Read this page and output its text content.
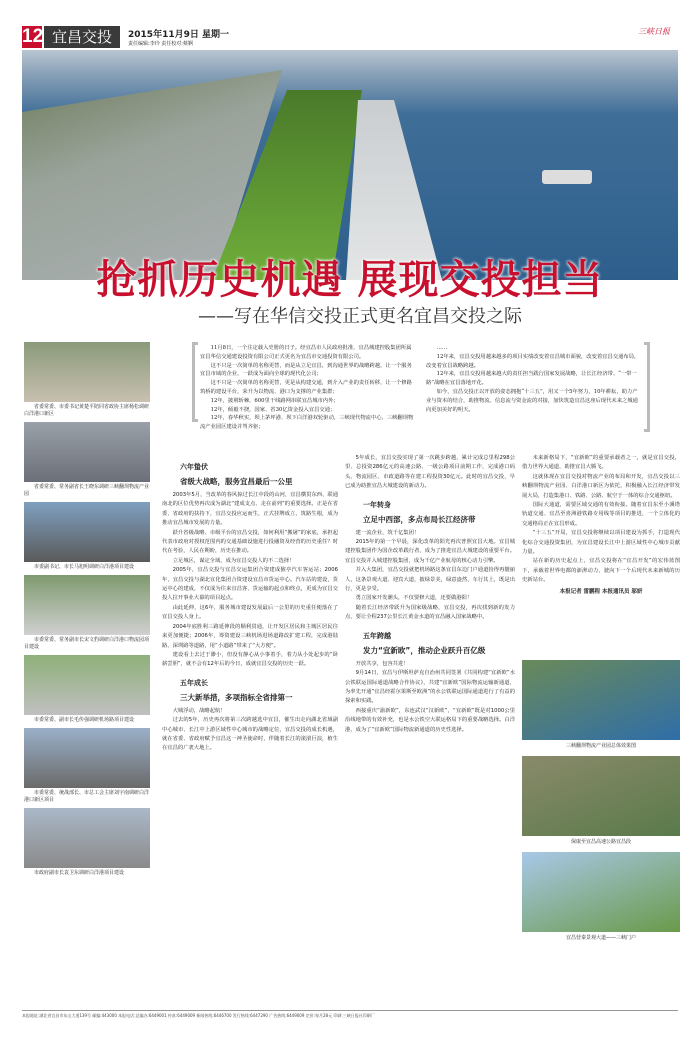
12 宜昌交投	2015年11月9日 星期一
责任编辑:李玲 责任校对:蔡婀
$^{三峡日报}$
抢抓历史机遇 展现交投担当
——写在华信交投正式更名宜昌交投之际

11月8日，一个注定载入史册的日子。经宜昌市人民政府批准，宜昌城建控股集团所属宜昌华信交通建设投资有限公司正式更名为宜昌市交通投资有限公司。

这不只是一次简单的名称更替，而是从立足宜昌，到沟通世界的战略跨越，让一个服务宜昌市域的企业，一跃成为面向全球的现代化公司；

这不只是一次简单的名称更替，更是从构建交通，到介入产业的责任转移，让一个修路筑桥的建设平台，荣升为以物流、港口为支撑的产业集群；

12年，披荆斩棘，600里干线路网串联宜昌城市内外；

12年，倾毅不挠，国家、省30亿资金投入宜昌交通；

12年，春华秋实，坝上茅坪港、坝下白洋港双轮驱动，三峡现代物流中心、三峡翻坝物流产业园区建设并驾齐驱；

……

12年来，宜昌交投用越来越多的项目实绩改变着宜昌城市面貌，改变着宜昌交通布局，改变着宜昌战略跨越。

12年来，宜昌交投用越来越大的责任担当践行国家发展战略，让长江经济带、“一带一路”战略在宜昌落地开花。

如今，宜昌交投正以开放的姿态拥抱“十三五”，用又一个5年努力，10年耕耘，助力产业与资本的结合，助推物流、信息流与资金流的对接，加快筑造宜昌这座后现代未来之城通向更加美好的明天。

省委常委、市委书记黄楚平陪同省政协主席杨松调研白洋港口新区
省委常委、常务副省长王晓东调研三峡翻坝物流产业园
市委副书记、市长马旭明调研白洋港项目建设
市委常委、常务副市长宋文豹调研白洋港口物流园项目建设
市委常委、副市长毛传强调研机场路项目建设
市委常委、统战部长、市总工会主席刘宇南调研白洋港口新区项目
市政府副市长袁卫东调研白洋港项目建设
六年蛰伏
省级大战略，服务宜昌最后一公里

2003年5月，当改革的春风掠过长江中段的山河，宜昌横贯东西、联通南北的区位优势再次成为湖北“建成支点、走在前列”的重要选择。正是在省委、省政府的扶持下，宜昌交投应运而生，正式挂牌成立，筑路生根，成为推动宜昌城市发展的力量。

跃升省级战略、市级平台的宜昌交投，如何利用“搬屠”的家底，承担起代表市政府对授权范围内的交通基础设施进行投融资及经营的历史重任？时代在考验，人民在期盼，历史在推动。

立足城区，谋定全域，成为宜昌交投人的不二选择！

2005年，宜昌交投与宜昌交运集团合资建成猇亭汽车客运站；2006年，宜昌交投与湖北宜化集团合资建设宜昌市货运中心。汽车站的建设，货运中心的建成，不仅成为往来宜昌客、货运输的起点和终点，更成为宜昌交投人拉开事业大幕的项目起点。

由此延伸，这6年，服务城市建设发展最后一公里的历史重任便落在了宜昌交投人身上。

2004年底胜利三路延伸段的顺利贯通，让开发区居民和主城区居民往来更加便捷；2006年，筹资建设三峡机场进场道路改扩建工程，完成港陆路、深圳路等道路，用“小道路”带来了“大方便”。

建设看上去过于渺小，但没有静心从小事着手，着力从小处起步的“卧薪尝胆”，就不会有12年后的今日，成就宜昌交投的历史一跃。

五年成长
三大新举措，多项指标全省排第一

大城浮动，战略起航！

过去的5年，历史再次将第三次跨越选中宜昌，催生出走向湖北省域副中心城市、长江中上游区域性中心城市的战略定位，宜昌交投的成长机遇，就在省委、省政府赋予宜昌这一神圣使命时，伴随着长江的滚滚巨浪，植生在宜昌的广袤大地上。

5年成长，宜昌交投实现了第一次跳步跨越，累计完成总里程298公里、总投资286亿元的高速公路、一级公路项目前期工作，完成港口码头、物流园区、市政道路等在建工程投资30亿元。此时的宜昌交投，早已成为助推宜昌大城建设的新动力。

一年转身
立足中西部，多点布局长江经济带

建一流企业，筑千亿集团！

2015年的第一个早晨，深化改革的阳光再次普照宜昌大地。宜昌城建控股集团作为国企改革践行者，成为了推进宜昌大城建设的重要平台。宜昌交投并入城建控股集团，成为千亿产业航母的核心动力引擎。

并入大集团，宜昌交投就把机场路这条宜昌东边门户通道扮得再靓丽人，这条景观大道、迎宾大道，披绿景美，绿意盎然，车行其上，既是出行，更是享受。

勇立国家开发潮头，不仅要修大道，还要做港阳！

随着长江经济带跃升为国家级战略，宜昌交投，再次找到新的发力点，要让全程237公里长江黄金水道的宜昌融入国家战略中。

五年跨越
发力“宜新欧”，推动企业跃升百亿级

开放共享，包容共进！

9月14日，宜昌与伊斯坦萨克自治州共同签署《共同构建“宜新欧”水公铁联运国际通道战略合作协议》，共建“宜新欧”国际物流运输新通道，为率先开通“宜昌经霍尔果斯至欧洲”的水公铁联运国际通道进行了有益的探索和实践。

西接重庆“渝新欧”，东连武汉“汉新欧”，“宜新欧”既是对1000公里沿线地带的有效补充，也是水公铁空大联运格局下的重要战略选择。白洋港，成为了“宜新欧”国际物流新通道的历史性选择。

未来新格局下，“宜新欧”的重要承载者之一，就是宜昌交投，借力世界大通道，助推宜昌大腾飞。

这就体现在宜昌交投对物流产业的布局和开发，宜昌交投以三峡翻坝物流产业园、白洋港口新区为依托，积极融入长江经济带发展大局，打造集港口、铁路、公路、航空于一体的综合交通枢纽。

国际大通道，需要区域交通的有效衔接。随着宜昌东至小溪塔轨道交通、宜昌至喜洲港铁路专用线等项目的推进，一个立体化的交通格局正在宜昌形成。

“十三五”开局，宜昌交投将继续以项目建设为抓手，打造现代化综合交通投资集团，为宜昌建设长江中上游区域性中心城市贡献力量。

站在新的历史起点上，宜昌交投将在“宜昌开发”的宏伟蓝图下，承载着世界电都的澎湃动力，驶向下一个后现代未来新城的历史新站台。

本报记者 雷鹏程 本报通讯员 邬妍
三峡翻坝物流产业园总体效果图
保康至宜昌高速公路宜昌段
宜昌营秦景观大道——三峡门户
本报地址:湖北省宜昌市东山大道139号 邮编:443000 本报电话:总编办:6449001 传真:6449009 新闻热线:6446700 发行热线:6447290 广告热线:6449009 定价:每月28元 印刷:三峡日报社印刷厂
